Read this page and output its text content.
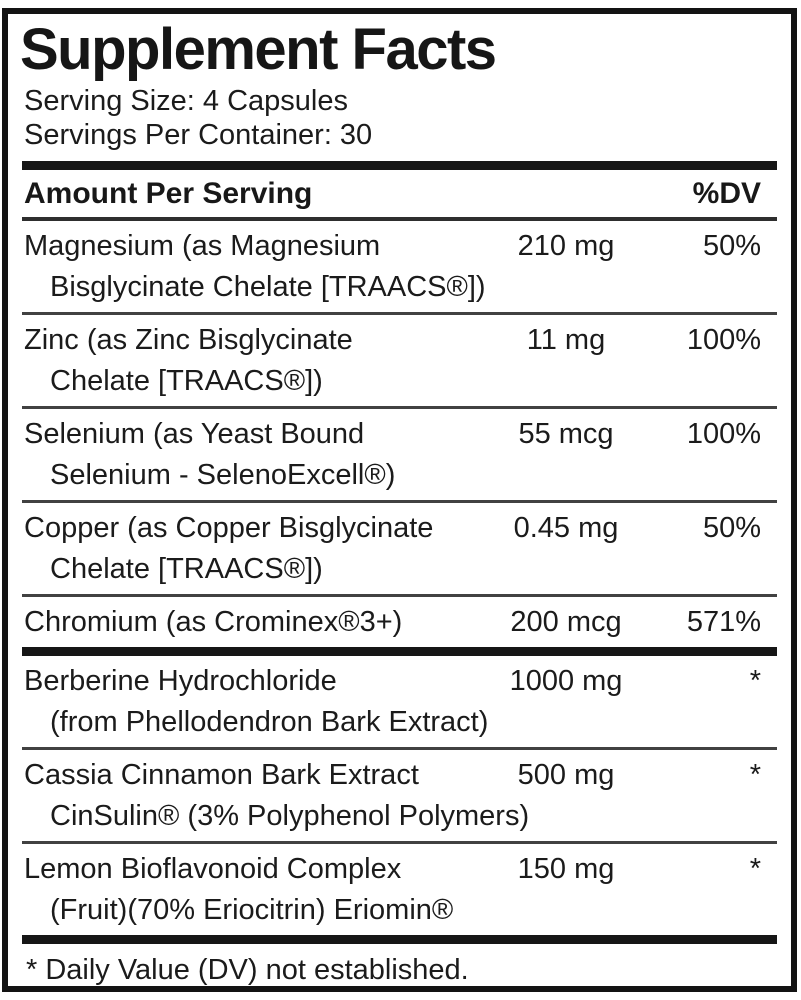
Supplement Facts
Serving Size: 4 Capsules
Servings Per Container: 30
Amount Per Serving	%DV
Magnesium (as Magnesium	210 mg	50%
Bisglycinate Chelate [TRAACS®])
Zinc (as Zinc Bisglycinate	11 mg	100%
Chelate [TRAACS®])
Selenium (as Yeast Bound	55 mcg	100%
Selenium - SelenoExcell®)
Copper (as Copper Bisglycinate	0.45 mg	50%
Chelate [TRAACS®])
Chromium (as Crominex®3+)	200 mcg	571%
Berberine Hydrochloride	1000 mg	*
(from Phellodendron Bark Extract)
Cassia Cinnamon Bark Extract	500 mg	*
CinSulin® (3% Polyphenol Polymers)
Lemon Bioflavonoid Complex	150 mg	*
(Fruit)(70% Eriocitrin) Eriomin®
* Daily Value (DV) not established.
